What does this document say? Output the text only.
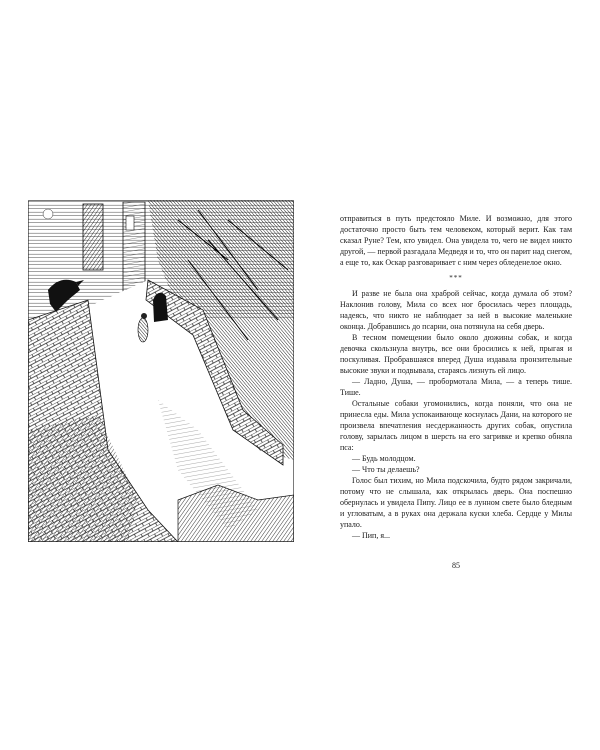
отправиться в путь предстояло Миле. И возможно, для этого достаточно просто быть тем человеком, который верит. Как там сказал Руне? Тем, кто увидел. Она увидела то, чего не видел никто другой, — первой разгадала Медведя и то, что он парит над снегом, а еще то, как Оскар разговаривает с ним через обледенелое окно.

***

И разве не была она храброй сейчас, когда думала об этом? Наклонив голову, Мила со всех ног бросилась через площадь, надеясь, что никто не наблюдает за ней в высокие маленькие оконца. Добравшись до псарни, она потянула на себя дверь.

В тесном помещении было около дюжины собак, и когда девочка скользнула внутрь, все они бросились к ней, прыгая и поскуливая. Пробравшаяся вперед Душа издавала пронзительные высокие звуки и подвывала, стараясь лизнуть ей лицо.

— Ладно, Душа, — пробормотала Мила, — а теперь тише. Тише.

Остальные собаки угомонились, когда поняли, что она не принесла еды. Мила успокаивающе коснулась Дани, на которого не произвела впечатления несдержанность других собак, опустила голову, зарылась лицом в шерсть на его загривке и крепко обняла пса:

— Будь молодцом.

— Что ты делаешь?

Голос был тихим, но Мила подскочила, будто рядом закричали, потому что не слышала, как открылась дверь. Она поспешно обернулась и увидела Пипу. Лицо ее в лунном свете было бледным и угловатым, а в руках она держала куски хлеба. Сердце у Милы упало.

— Пип, я...

85
